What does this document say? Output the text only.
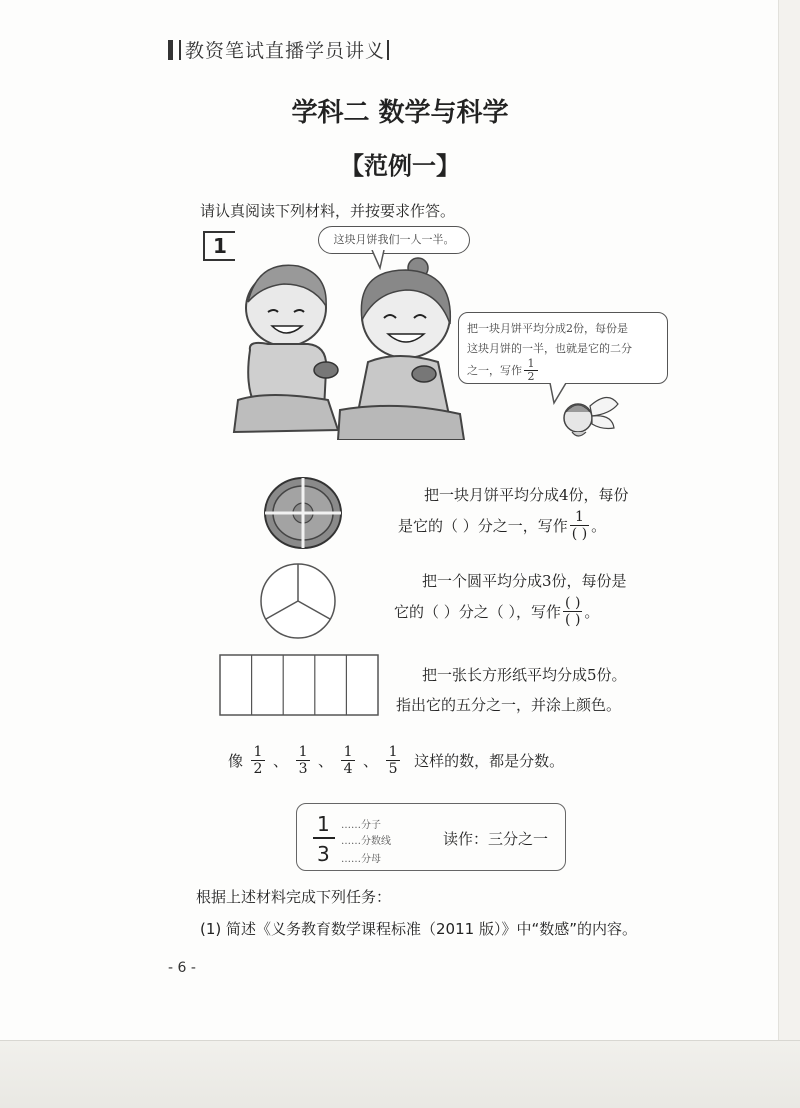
教资笔试直播学员讲义
学科二 数学与科学
【范例一】
请认真阅读下列材料，并按要求作答。
1	这块月饼我们一人一半。
把一块月饼平均分成2份，每份是
这块月饼的一半，也就是它的二分
之一，写作 $\frac{1}{2}$
把一块月饼平均分成4份，每份
是它的（ ）分之一，写作 $\frac{1}{( )}$ 。
把一个圆平均分成3份，每份是
它的（ ）分之（ ），写作 $\frac{( )}{( )}$ 。
把一张长方形纸平均分成5份。
指出它的五分之一，并涂上颜色。
像 $\frac{1}{2}$ 、 $\frac{1}{3}$ 、 $\frac{1}{4}$ 、 $\frac{1}{5}$ 这样的数，都是分数。
1
3
……分子
……分数线
……分母
读作：三分之一
根据上述材料完成下列任务：
(1) 简述《义务教育数学课程标准（2011 版）》中“数感”的内容。
- 6 -
